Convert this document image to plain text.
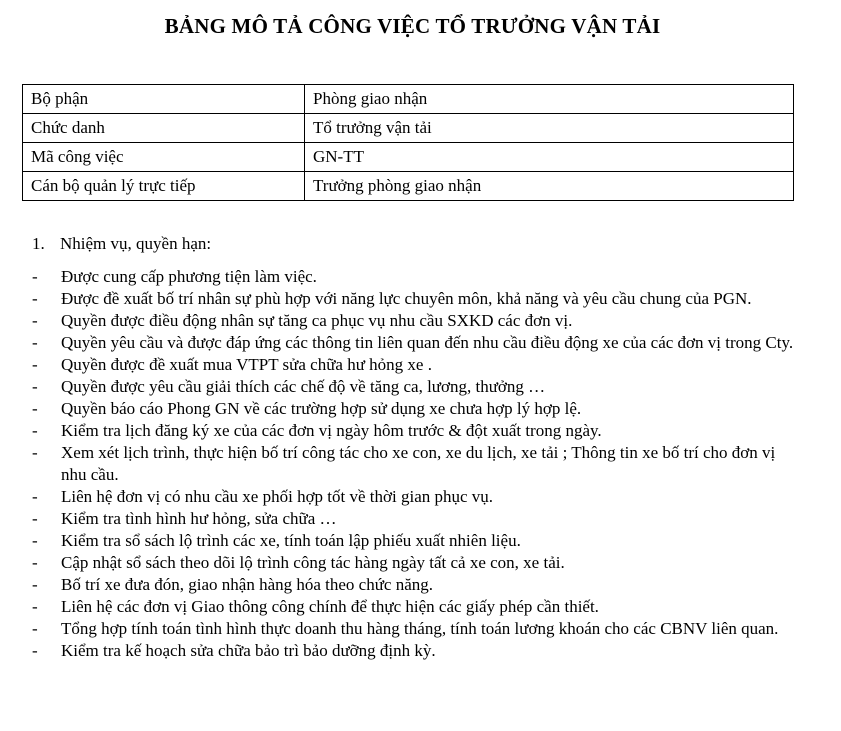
BẢNG MÔ TẢ CÔNG VIỆC TỔ TRƯỞNG VẬN TẢI
Bộ phận	Phòng giao nhận
Chức danh	Tổ trưởng vận tải
Mã công việc	GN-TT
Cán bộ quản lý trực tiếp	Trưởng phòng giao nhận
1. Nhiệm vụ, quyền hạn:
- Được cung cấp phương tiện làm việc.
- Được đề xuất bố trí nhân sự phù hợp với năng lực chuyên môn, khả năng và yêu cầu chung của PGN.
- Quyền được điều động nhân sự tăng ca phục vụ nhu cầu SXKD các đơn vị.
- Quyền yêu cầu và được đáp ứng các thông tin liên quan đến nhu cầu điều động xe của các đơn vị trong Cty.
- Quyền được đề xuất mua VTPT sửa chữa hư hỏng xe .
- Quyền được yêu cầu giải thích các chế độ về tăng ca, lương, thưởng …
- Quyền báo cáo Phong GN về các trường hợp sử dụng xe chưa hợp lý hợp lệ.
- Kiểm tra lịch đăng ký xe của các đơn vị ngày hôm trước & đột xuất trong ngày.
- Xem xét lịch trình, thực hiện bố trí công tác cho xe con, xe du lịch, xe tải ; Thông tin xe bố trí cho đơn vị nhu cầu.
- Liên hệ đơn vị có nhu cầu xe phối hợp tốt về thời gian phục vụ.
- Kiểm tra tình hình hư hỏng, sửa chữa …
- Kiểm tra sổ sách lộ trình các xe, tính toán lập phiếu xuất nhiên liệu.
- Cập nhật sổ sách theo dõi lộ trình công tác hàng ngày tất cả xe con, xe tải.
- Bố trí xe đưa đón, giao nhận hàng hóa theo chức năng.
- Liên hệ các đơn vị Giao thông công chính để thực hiện các giấy phép cần thiết.
- Tổng hợp tính toán tình hình thực doanh thu hàng tháng, tính toán lương khoán cho các CBNV liên quan.
- Kiểm tra kế hoạch sửa chữa bảo trì bảo dưỡng định kỳ.
